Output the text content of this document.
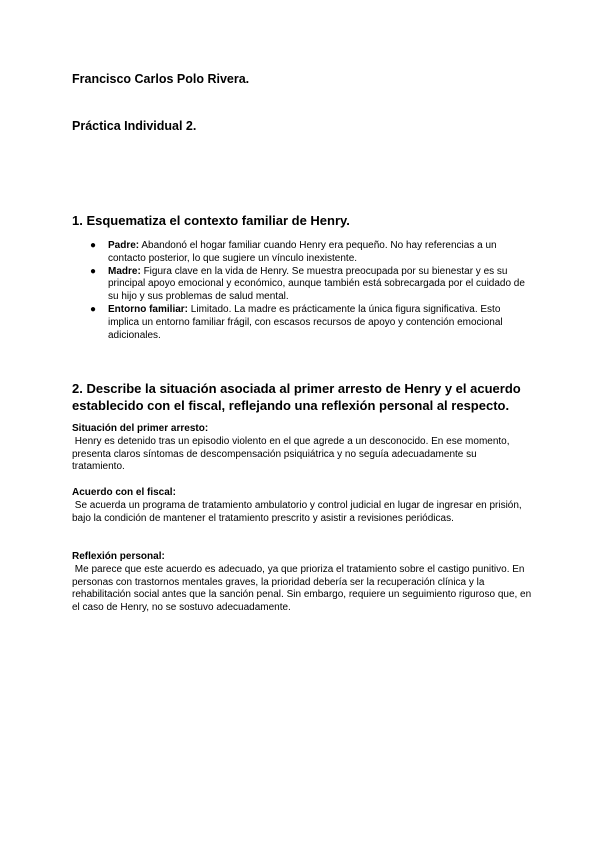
Francisco Carlos Polo Rivera.

Práctica Individual 2.

1. Esquematiza el contexto familiar de Henry.
● Padre: Abandonó el hogar familiar cuando Henry era pequeño. No hay referencias a un contacto posterior, lo que sugiere un vínculo inexistente.
● Madre: Figura clave en la vida de Henry. Se muestra preocupada por su bienestar y es su principal apoyo emocional y económico, aunque también está sobrecargada por el cuidado de su hijo y sus problemas de salud mental.
● Entorno familiar: Limitado. La madre es prácticamente la única figura significativa. Esto implica un entorno familiar frágil, con escasos recursos de apoyo y contención emocional adicionales.
2. Describe la situación asociada al primer arresto de Henry y el acuerdo establecido con el fiscal, reflejando una reflexión personal al respecto.
Situación del primer arresto:

Henry es detenido tras un episodio violento en el que agrede a un desconocido. En ese momento, presenta claros síntomas de descompensación psiquiátrica y no seguía adecuadamente su tratamiento.

Acuerdo con el fiscal:

Se acuerda un programa de tratamiento ambulatorio y control judicial en lugar de ingresar en prisión, bajo la condición de mantener el tratamiento prescrito y asistir a revisiones periódicas.

Reflexión personal:

Me parece que este acuerdo es adecuado, ya que prioriza el tratamiento sobre el castigo punitivo. En personas con trastornos mentales graves, la prioridad debería ser la recuperación clínica y la rehabilitación social antes que la sanción penal. Sin embargo, requiere un seguimiento riguroso que, en el caso de Henry, no se sostuvo adecuadamente.
